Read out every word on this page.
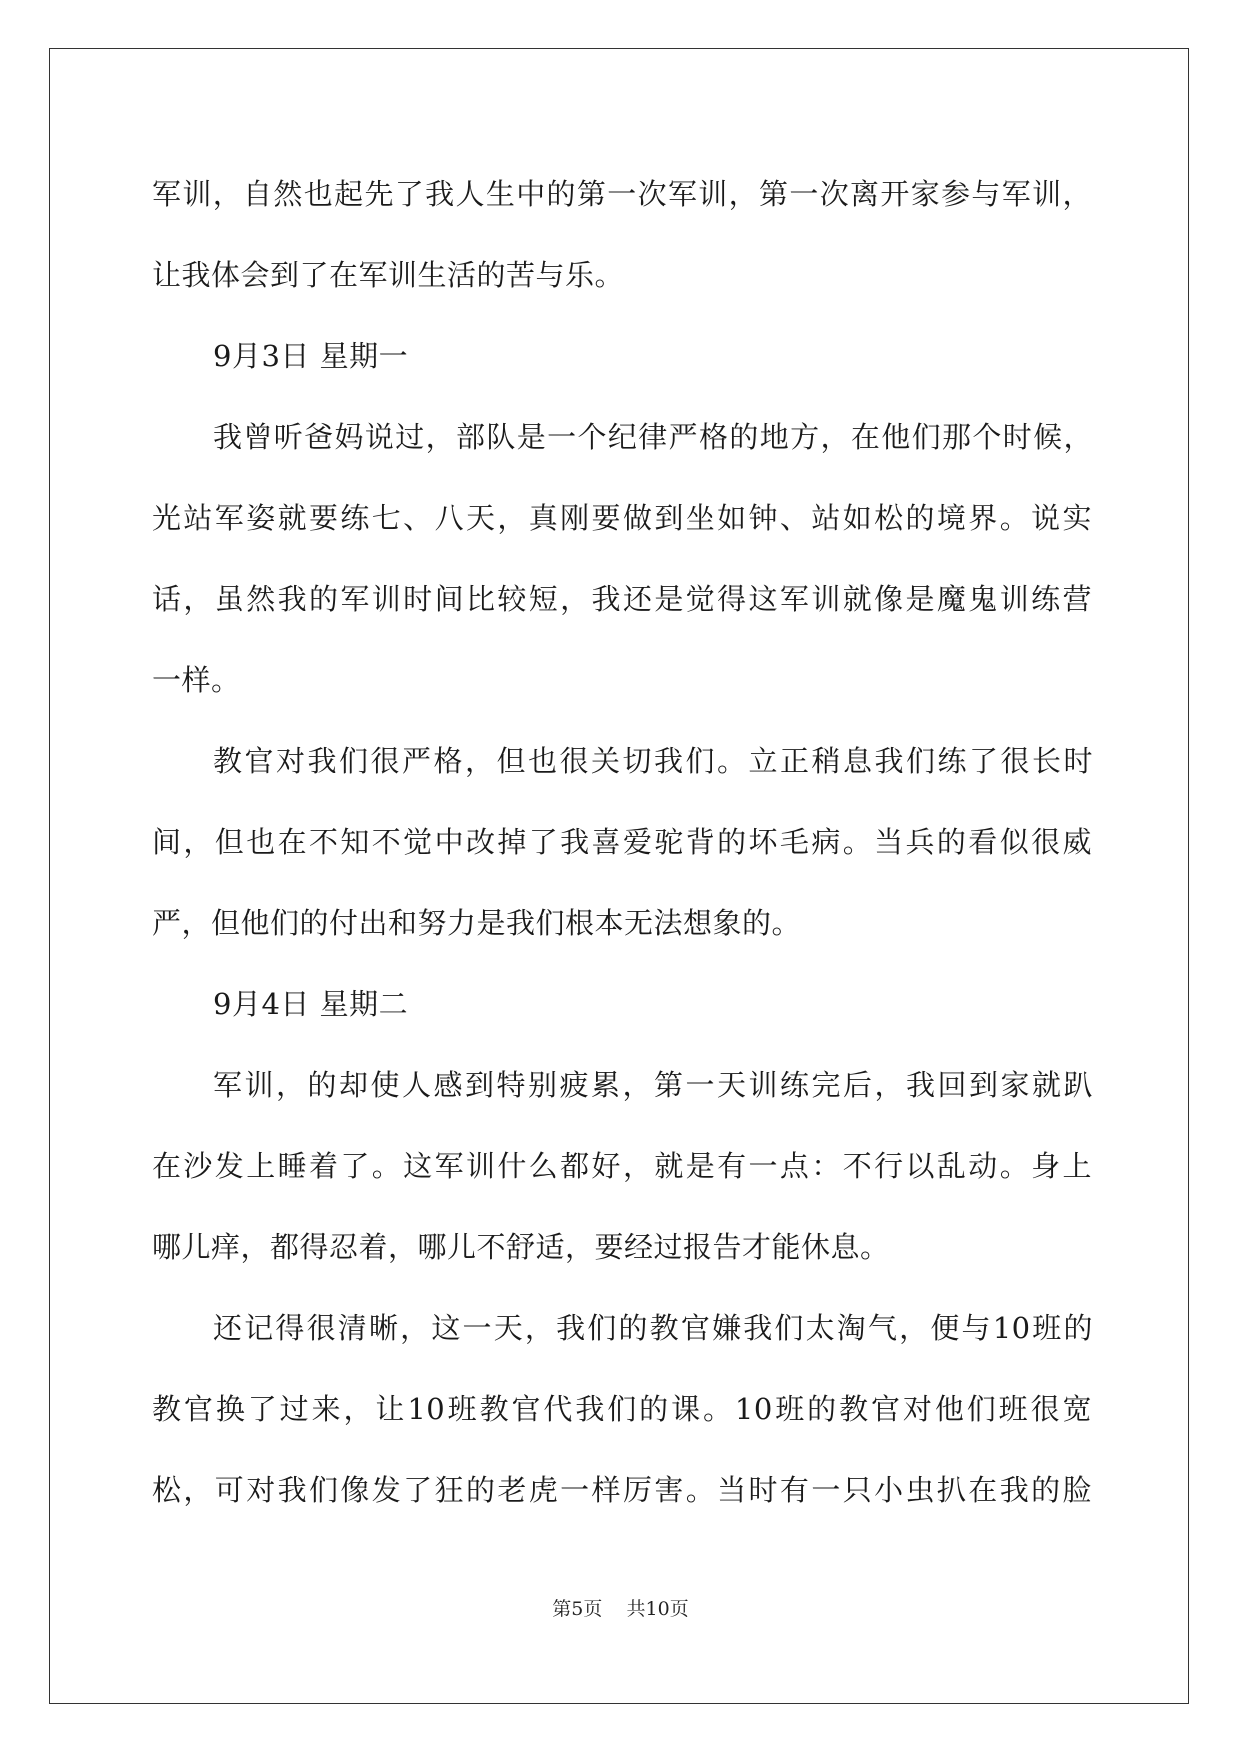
军训，自然也起先了我人生中的第一次军训，第一次离开家参与军训，
让我体会到了在军训生活的苦与乐。
9月3日 星期一
我曾听爸妈说过，部队是一个纪律严格的地方，在他们那个时候，
光站军姿就要练七、八天，真刚要做到坐如钟、站如松的境界。说实
话，虽然我的军训时间比较短，我还是觉得这军训就像是魔鬼训练营
一样。
教官对我们很严格，但也很关切我们。立正稍息我们练了很长时
间，但也在不知不觉中改掉了我喜爱驼背的坏毛病。当兵的看似很威
严，但他们的付出和努力是我们根本无法想象的。
9月4日 星期二
军训，的却使人感到特别疲累，第一天训练完后，我回到家就趴
在沙发上睡着了。这军训什么都好，就是有一点：不行以乱动。身上
哪儿痒，都得忍着，哪儿不舒适，要经过报告才能休息。
还记得很清晰，这一天，我们的教官嫌我们太淘气，便与10班的
教官换了过来，让10班教官代我们的课。10班的教官对他们班很宽
松，可对我们像发了狂的老虎一样厉害。当时有一只小虫扒在我的脸
第5页    共10页
